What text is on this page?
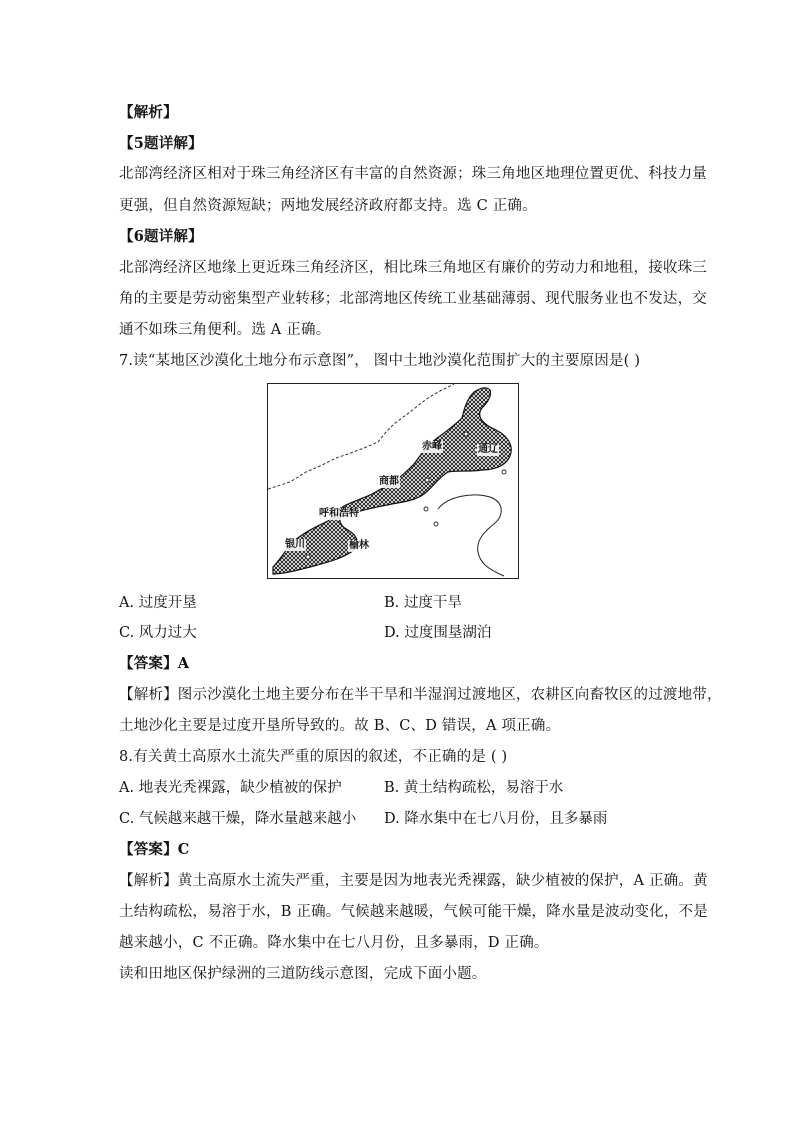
【解析】
【5题详解】
北部湾经济区相对于珠三角经济区有丰富的自然资源；珠三角地区地理位置更优、科技力量
更强，但自然资源短缺；两地发展经济政府都支持。选 C 正确。
【6题详解】
北部湾经济区地缘上更近珠三角经济区，相比珠三角地区有廉价的劳动力和地租，接收珠三
角的主要是劳动密集型产业转移；北部湾地区传统工业基础薄弱、现代服务业也不发达，交
通不如珠三角便利。选 A 正确。
7.读“某地区沙漠化土地分布示意图”， 图中土地沙漠化范围扩大的主要原因是( )
通辽
赤峰
商都
呼和浩特
银川	榆林
A. 过度开垦	B. 过度干旱
C. 风力过大	D. 过度围垦湖泊
【答案】A
【解析】图示沙漠化土地主要分布在半干旱和半湿润过渡地区，农耕区向畜牧区的过渡地带，
土地沙化主要是过度开垦所导致的。故 B、C、D 错误，A 项正确。
8.有关黄土高原水土流失严重的原因的叙述，不正确的是 ( )
A. 地表光秃裸露，缺少植被的保护	B. 黄土结构疏松，易溶于水
C. 气候越来越干燥，降水量越来越小 D. 降水集中在七八月份，且多暴雨
【答案】C
【解析】黄土高原水土流失严重，主要是因为地表光秃裸露，缺少植被的保护，A 正确。黄
土结构疏松，易溶于水，B 正确。气候越来越暖，气候可能干燥，降水量是波动变化，不是
越来越小，C 不正确。降水集中在七八月份，且多暴雨，D 正确。
读和田地区保护绿洲的三道防线示意图，完成下面小题。
